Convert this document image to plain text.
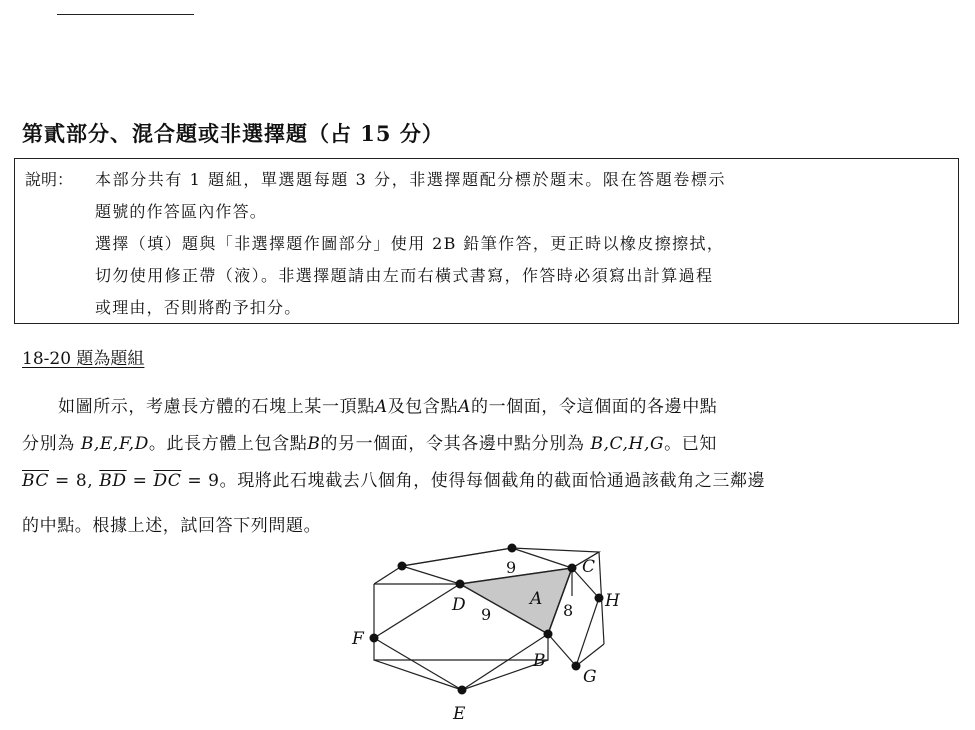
第貳部分、混合題或非選擇題（占 15 分）
說明： 本部分共有 1 題組，單選題每題 3 分，非選擇題配分標於題末。限在答題卷標示
題號的作答區內作答。
選擇（填）題與「非選擇題作圖部分」使用 2B 鉛筆作答，更正時以橡皮擦擦拭，
切勿使用修正帶（液）。非選擇題請由左而右橫式書寫，作答時必須寫出計算過程
或理由，否則將酌予扣分。
18-20 題為題組
如圖所示，考慮長方體的石塊上某一頂點A及包含點A的一個面，令這個面的各邊中點
分別為 B,E,F,D。此長方體上包含點B的另一個面，令其各邊中點分別為 B,C,H,G。已知
$\overline{BC} = 8$, $\overline{BD} = \overline{DC} = 9$。現將此石塊截去八個角，使得每個截角的截面恰通過該截角之三鄰邊
的中點。根據上述，試回答下列問題。
A
B
C
D
E
F
G
H
9
9	8
